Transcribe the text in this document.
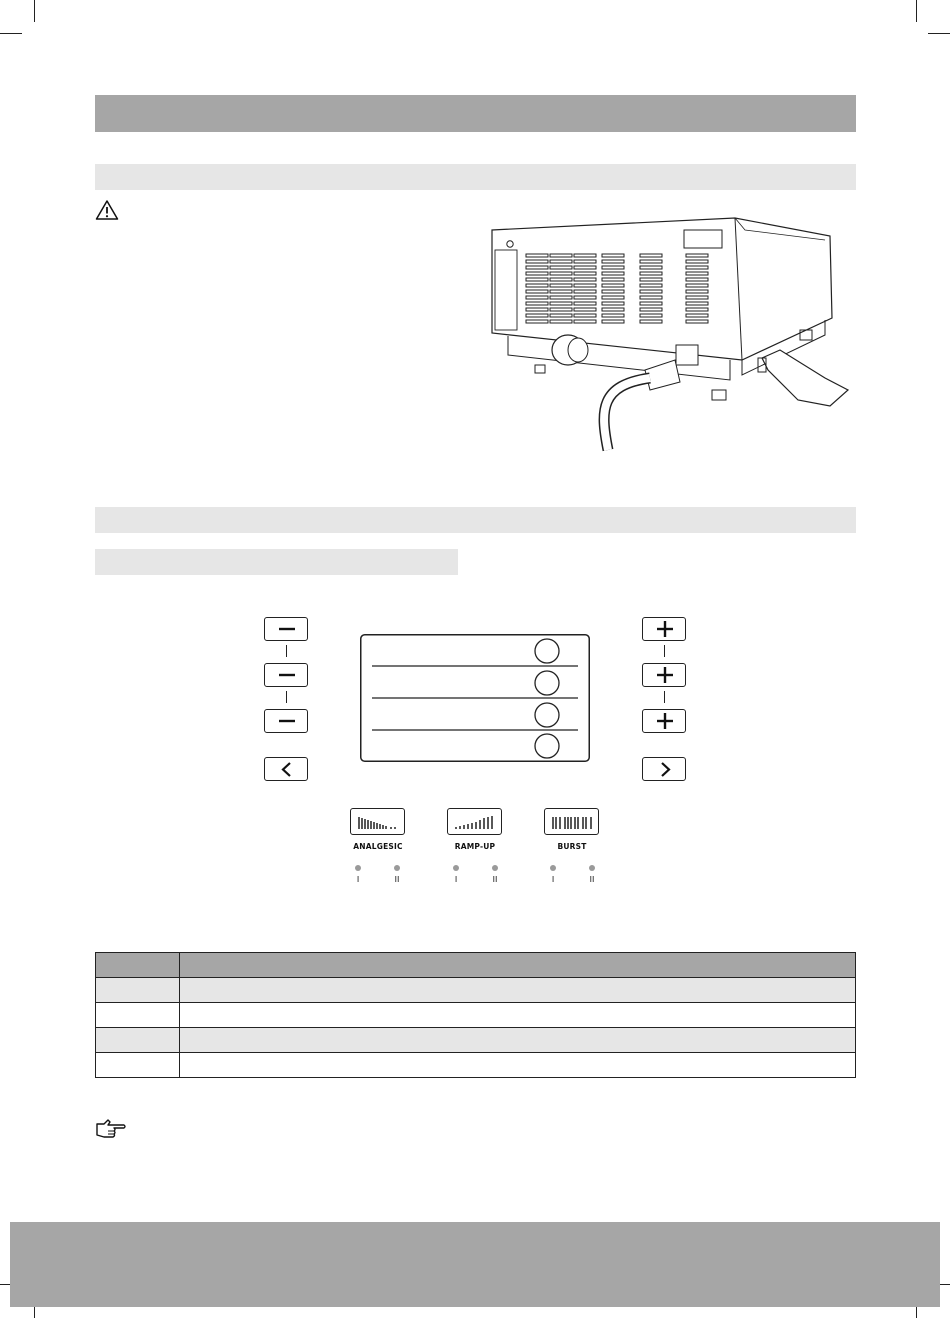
ANALGESIC
I	II
RAMP-UP
I	II
BURST
I	II
